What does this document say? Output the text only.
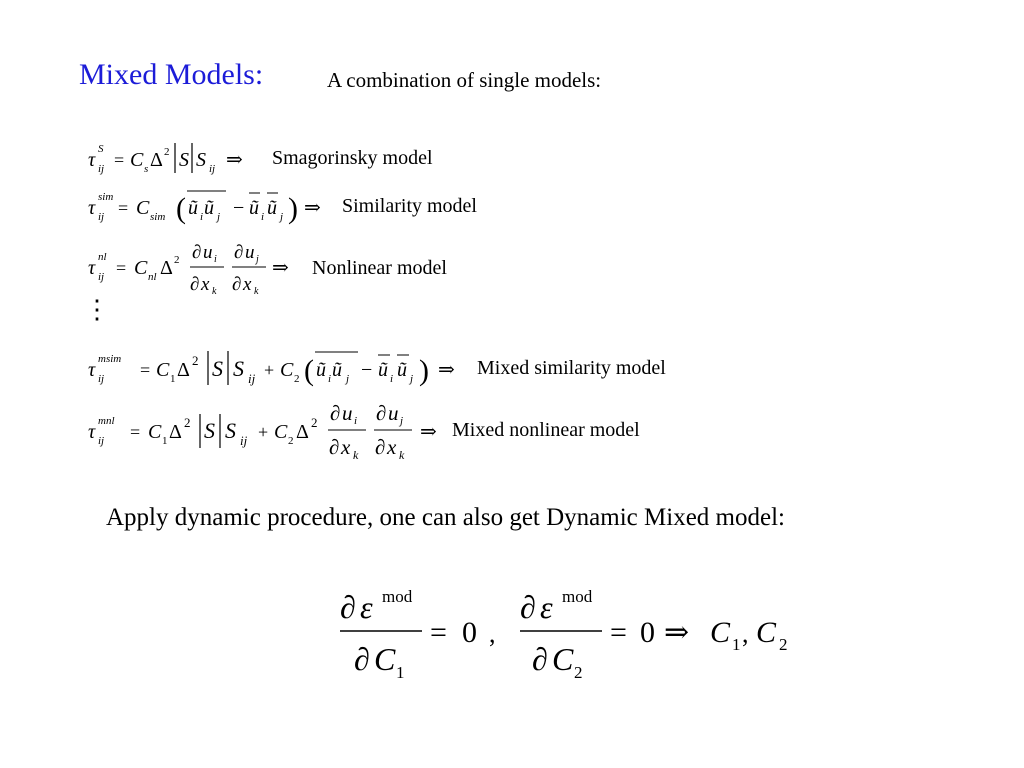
Mixed Models:	A combination of single models:
τ S
ij = C s Δ 2 S S ij ⇒ Smagorinsky model
τ sim
ij = C sim ( ũ i ũ j − ũ i ũ j ) ⇒ Similarity model
τ nl
ij = C nl Δ 2 ∂ u i
∂ x k
∂ u j
∂ x k
⇒ Nonlinear model
⋮
τ msim
ij = C 1 Δ 2 S S ij + C 2 ( ũ i ũ j − ũ i ũ j ) ⇒ Mixed similarity model
τ mnl
ij = C 1 Δ 2 S S ij + C 2 Δ 2 ∂ u i
∂ x k
∂ u j
∂ x k
⇒ Mixed nonlinear model
Apply dynamic procedure, one can also get Dynamic Mixed model:
∂ ε mod
∂ C 1
= 0 ,
∂ ε mod
∂ C 2
= 0 ⇒ C 1 , C 2
